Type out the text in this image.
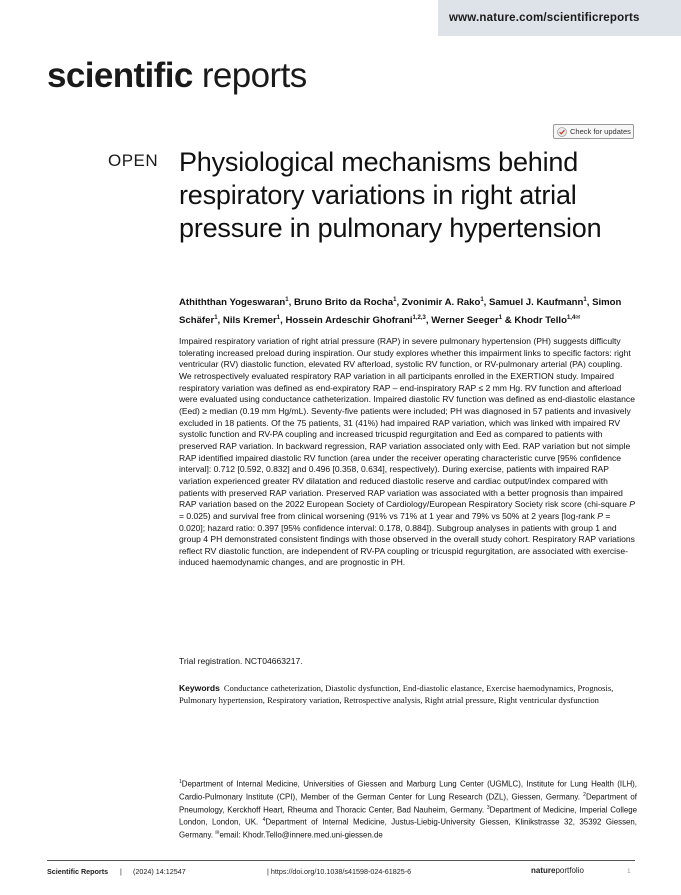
www.nature.com/scientificreports
scientific reports
Check for updates
OPEN Physiological mechanisms behind respiratory variations in right atrial pressure in pulmonary hypertension

Athiththan Yogeswaran$^1$, Bruno Brito da Rocha$^1$, Zvonimir A. Rako$^1$, Samuel J. Kaufmann$^1$, Simon Schäfer$^1$, Nils Kremer$^1$, Hossein Ardeschir Ghofrani$^{1,2,3}$, Werner Seeger$^1$ & Khodr Tello$^{1,4✉}$

Impaired respiratory variation of right atrial pressure (RAP) in severe pulmonary hypertension (PH) suggests difficulty tolerating increased preload during inspiration. Our study explores whether this impairment links to specific factors: right ventricular (RV) diastolic function, elevated RV afterload, systolic RV function, or RV-pulmonary arterial (PA) coupling. We retrospectively evaluated respiratory RAP variation in all participants enrolled in the EXERTION study. Impaired respiratory variation was defined as end-expiratory RAP – end-inspiratory RAP ≤ 2 mm Hg. RV function and afterload were evaluated using conductance catheterization. Impaired diastolic RV function was defined as end-diastolic elastance (Eed) ≥ median (0.19 mm Hg/mL). Seventy-five patients were included; PH was diagnosed in 57 patients and invasively excluded in 18 patients. Of the 75 patients, 31 (41%) had impaired RAP variation, which was linked with impaired RV systolic function and RV-PA coupling and increased tricuspid regurgitation and Eed as compared to patients with preserved RAP variation. In backward regression, RAP variation associated only with Eed. RAP variation but not simple RAP identified impaired diastolic RV function (area under the receiver operating characteristic curve [95% confidence interval]: 0.712 [0.592, 0.832] and 0.496 [0.358, 0.634], respectively). During exercise, patients with impaired RAP variation experienced greater RV dilatation and reduced diastolic reserve and cardiac output/index compared with patients with preserved RAP variation. Preserved RAP variation was associated with a better prognosis than impaired RAP variation based on the 2022 European Society of Cardiology/European Respiratory Society risk score (chi-square P = 0.025) and survival free from clinical worsening (91% vs 71% at 1 year and 79% vs 50% at 2 years [log-rank P = 0.020]; hazard ratio: 0.397 [95% confidence interval: 0.178, 0.884]). Subgroup analyses in patients with group 1 and group 4 PH demonstrated consistent findings with those observed in the overall study cohort. Respiratory RAP variations reflect RV diastolic function, are independent of RV-PA coupling or tricuspid regurgitation, are associated with exercise-induced haemodynamic changes, and are prognostic in PH.

Trial registration. NCT04663217.

Keywords Conductance catheterization, Diastolic dysfunction, End-diastolic elastance, Exercise haemodynamics, Prognosis, Pulmonary hypertension, Respiratory variation, Retrospective analysis, Right atrial pressure, Right ventricular dysfunction

$^1$Department of Internal Medicine, Universities of Giessen and Marburg Lung Center (UGMLC), Institute for Lung Health (ILH), Cardio-Pulmonary Institute (CPI), Member of the German Center for Lung Research (DZL), Giessen, Germany. $^2$Department of Pneumology, Kerckhoff Heart, Rheuma and Thoracic Center, Bad Nauheim, Germany. $^3$Department of Medicine, Imperial College London, London, UK. $^4$Department of Internal Medicine, Justus-Liebig-University Giessen, Klinikstrasse 32, 35392 Giessen, Germany. ✉email: Khodr.Tello@innere.med.uni-giessen.de

Scientific Reports | (2024) 14:12547	| https://doi.org/10.1038/s41598-024-61825-6	natureportfolio	1
